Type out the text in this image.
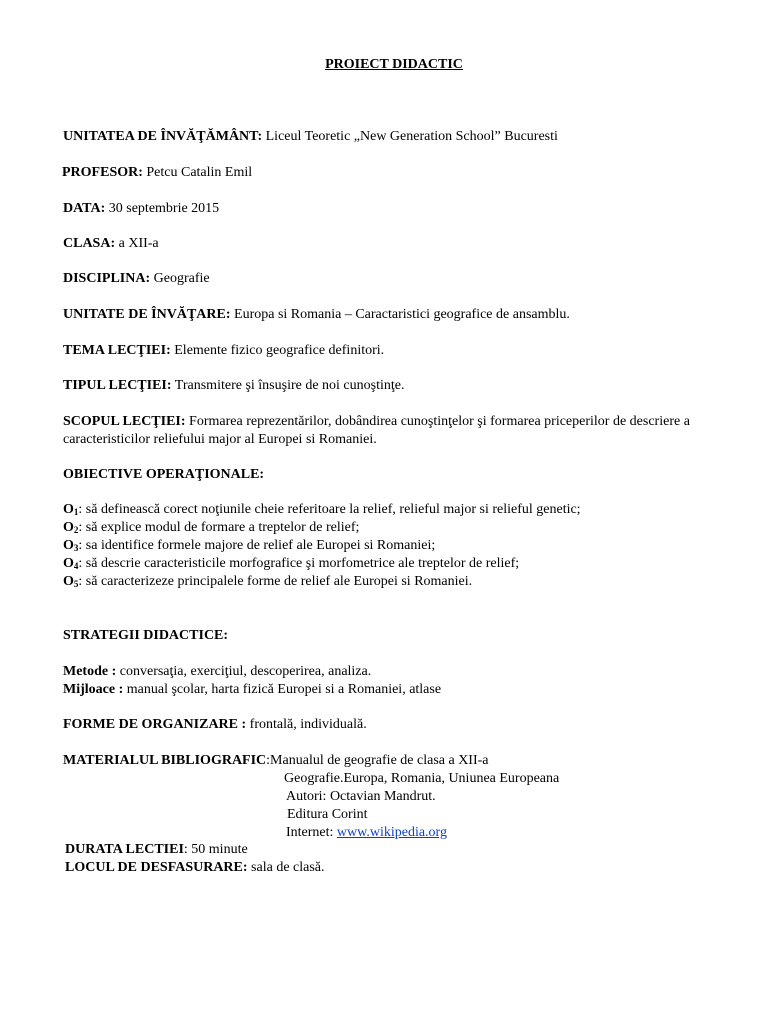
PROIECT DIDACTIC
UNITATEA DE ÎNVĂŢĂMÂNT: Liceul Teoretic „New Generation School” Bucuresti
PROFESOR: Petcu Catalin Emil
DATA: 30 septembrie 2015
CLASA: a XII-a
DISCIPLINA: Geografie
UNITATE DE ÎNVĂŢARE: Europa si Romania – Caractaristici geografice de ansamblu.
TEMA LECŢIEI: Elemente fizico geografice definitori.
TIPUL LECŢIEI: Transmitere şi însuşire de noi cunoştinţe.
SCOPUL LECŢIEI: Formarea reprezentărilor, dobândirea cunoştinţelor şi formarea priceperilor de descriere a caracteristicilor reliefului major al Europei si Romaniei.
OBIECTIVE OPERAŢIONALE:
$O_1$: să definească corect noţiunile cheie referitoare la relief, relieful major si relieful genetic;
$O_2$: să explice modul de formare a treptelor de relief;
$O_3$: sa identifice formele majore de relief ale Europei si Romaniei;
$O_4$: să descrie caracteristicile morfografice şi morfometrice ale treptelor de relief;
$O_5$: să caracterizeze principalele forme de relief ale Europei si Romaniei.
STRATEGII DIDACTICE:
Metode : conversaţia, exerciţiul, descoperirea, analiza.
Mijloace : manual şcolar, harta fizică Europei si a Romaniei, atlase
FORME DE ORGANIZARE : frontală, individuală.
MATERIALUL BIBLIOGRAFIC:Manualul de geografie de clasa a XII-a
Geografie.Europa, Romania, Uniunea Europeana
Autori: Octavian Mandrut.
Editura Corint
Internet: www.wikipedia.org
DURATA LECTIEI: 50 minute
LOCUL DE DESFASURARE: sala de clasă.
